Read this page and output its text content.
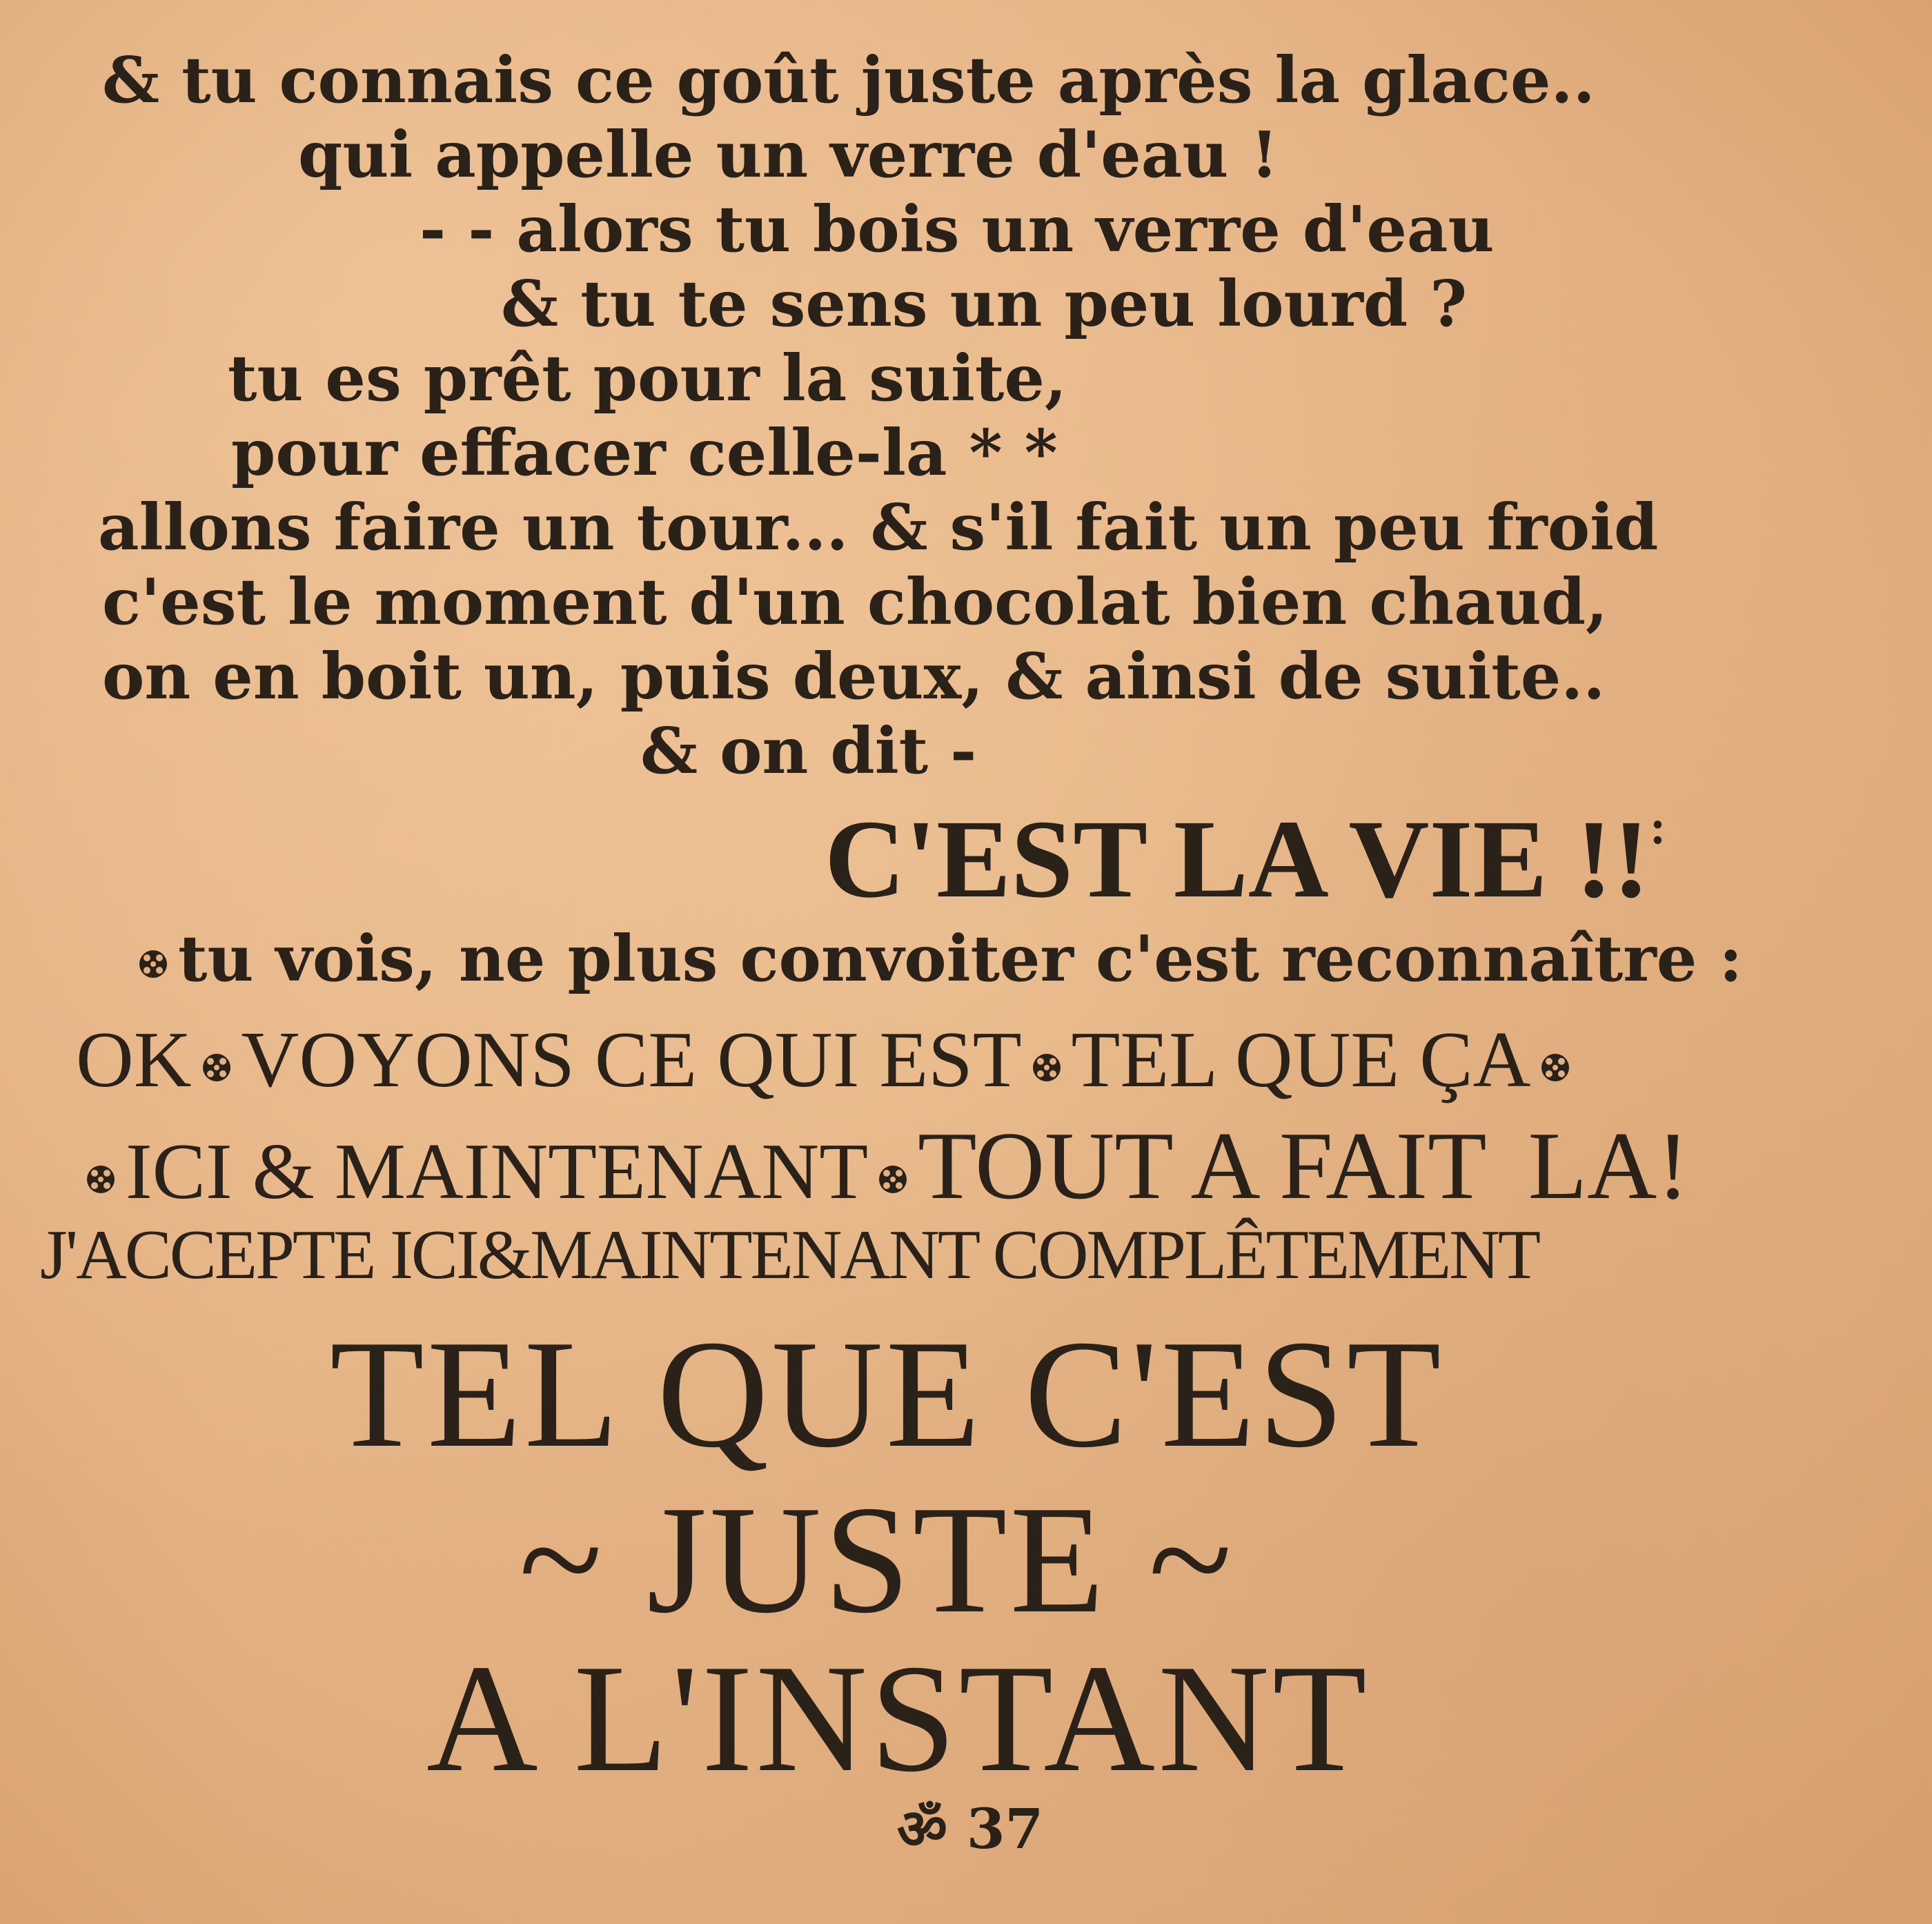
& tu connais ce goût juste après la glace..

qui appelle un verre d'eau !

- - alors tu bois un verre d'eau

& tu te sens un peu lourd ?

tu es prêt pour la suite,

pour effacer celle-la * *

allons faire un tour... & s'il fait un peu froid

c'est le moment d'un chocolat bien chaud,

on en boit un, puis deux, & ainsi de suite..

& on dit -

C'EST LA VIE !!:

tu vois, ne plus convoiter c'est reconnaître :

OK VOYONS CE QUI EST TEL QUE ÇA

ICI & MAINTENANT TOUT A FAIT LA!

J'ACCEPTE ICI&MAINTENANT COMPLÊTEMENT

TEL QUE C'EST

~ JUSTE ~

A L'INSTANT

ॐ 37
